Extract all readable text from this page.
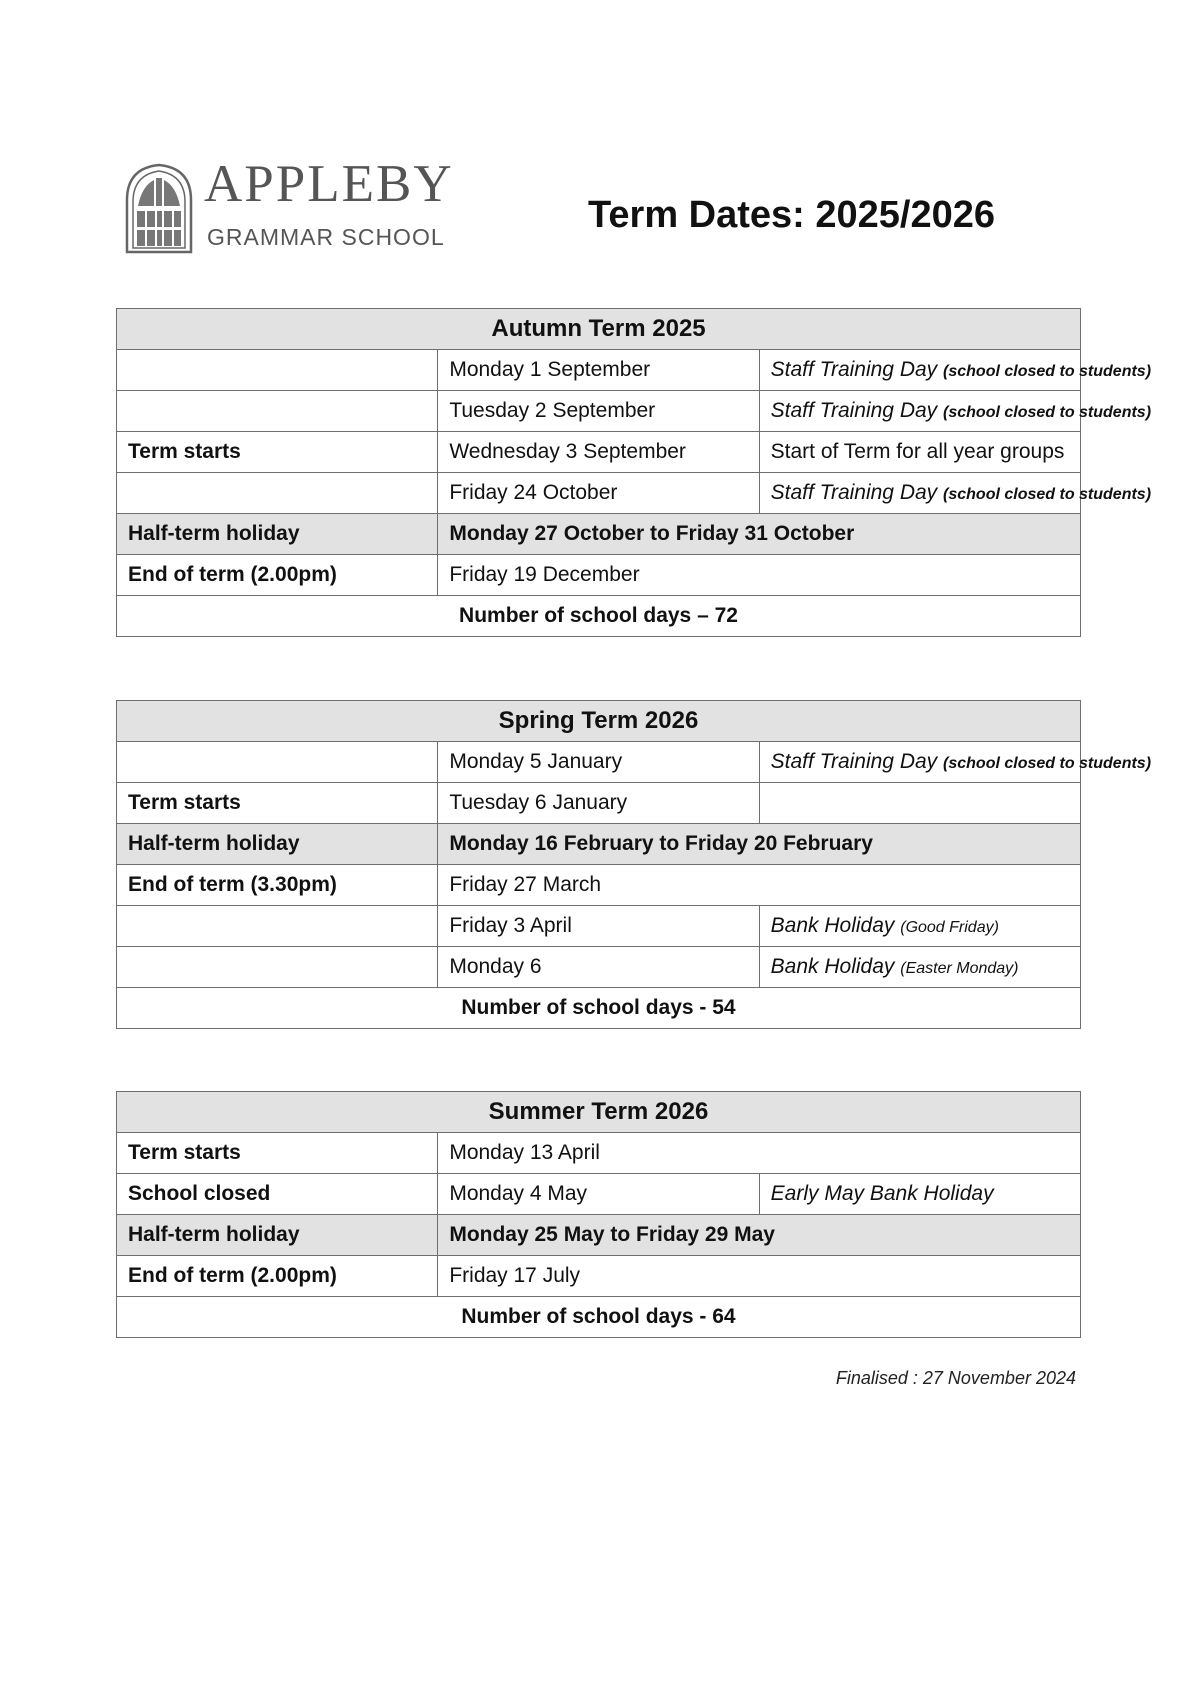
APPLEBY
GRAMMAR SCHOOL
Term Dates: 2025/2026
Autumn Term 2025		
	Monday 1 September	Staff Training Day (school closed to students)
	Tuesday 2 September	Staff Training Day (school closed to students)
Term starts	Wednesday 3 September	Start of Term for all year groups
	Friday 24 October	Staff Training Day (school closed to students)
Half-term holiday	Monday 27 October to Friday 31 October	
End of term (2.00pm)	Friday 19 December	
Number of school days – 72		
Spring Term 2026		
	Monday 5 January	Staff Training Day (school closed to students)
Term starts	Tuesday 6 January	
Half-term holiday	Monday 16 February to Friday 20 February	
End of term (3.30pm)	Friday 27 March	
	Friday 3 April	Bank Holiday (Good Friday)
	Monday 6	Bank Holiday (Easter Monday)
Number of school days - 54		
Summer Term 2026		
Term starts	Monday 13 April	
School closed	Monday 4 May	Early May Bank Holiday
Half-term holiday	Monday 25 May to Friday 29 May	
End of term (2.00pm)	Friday 17 July	
Number of school days - 64		
Finalised : 27 November 2024
